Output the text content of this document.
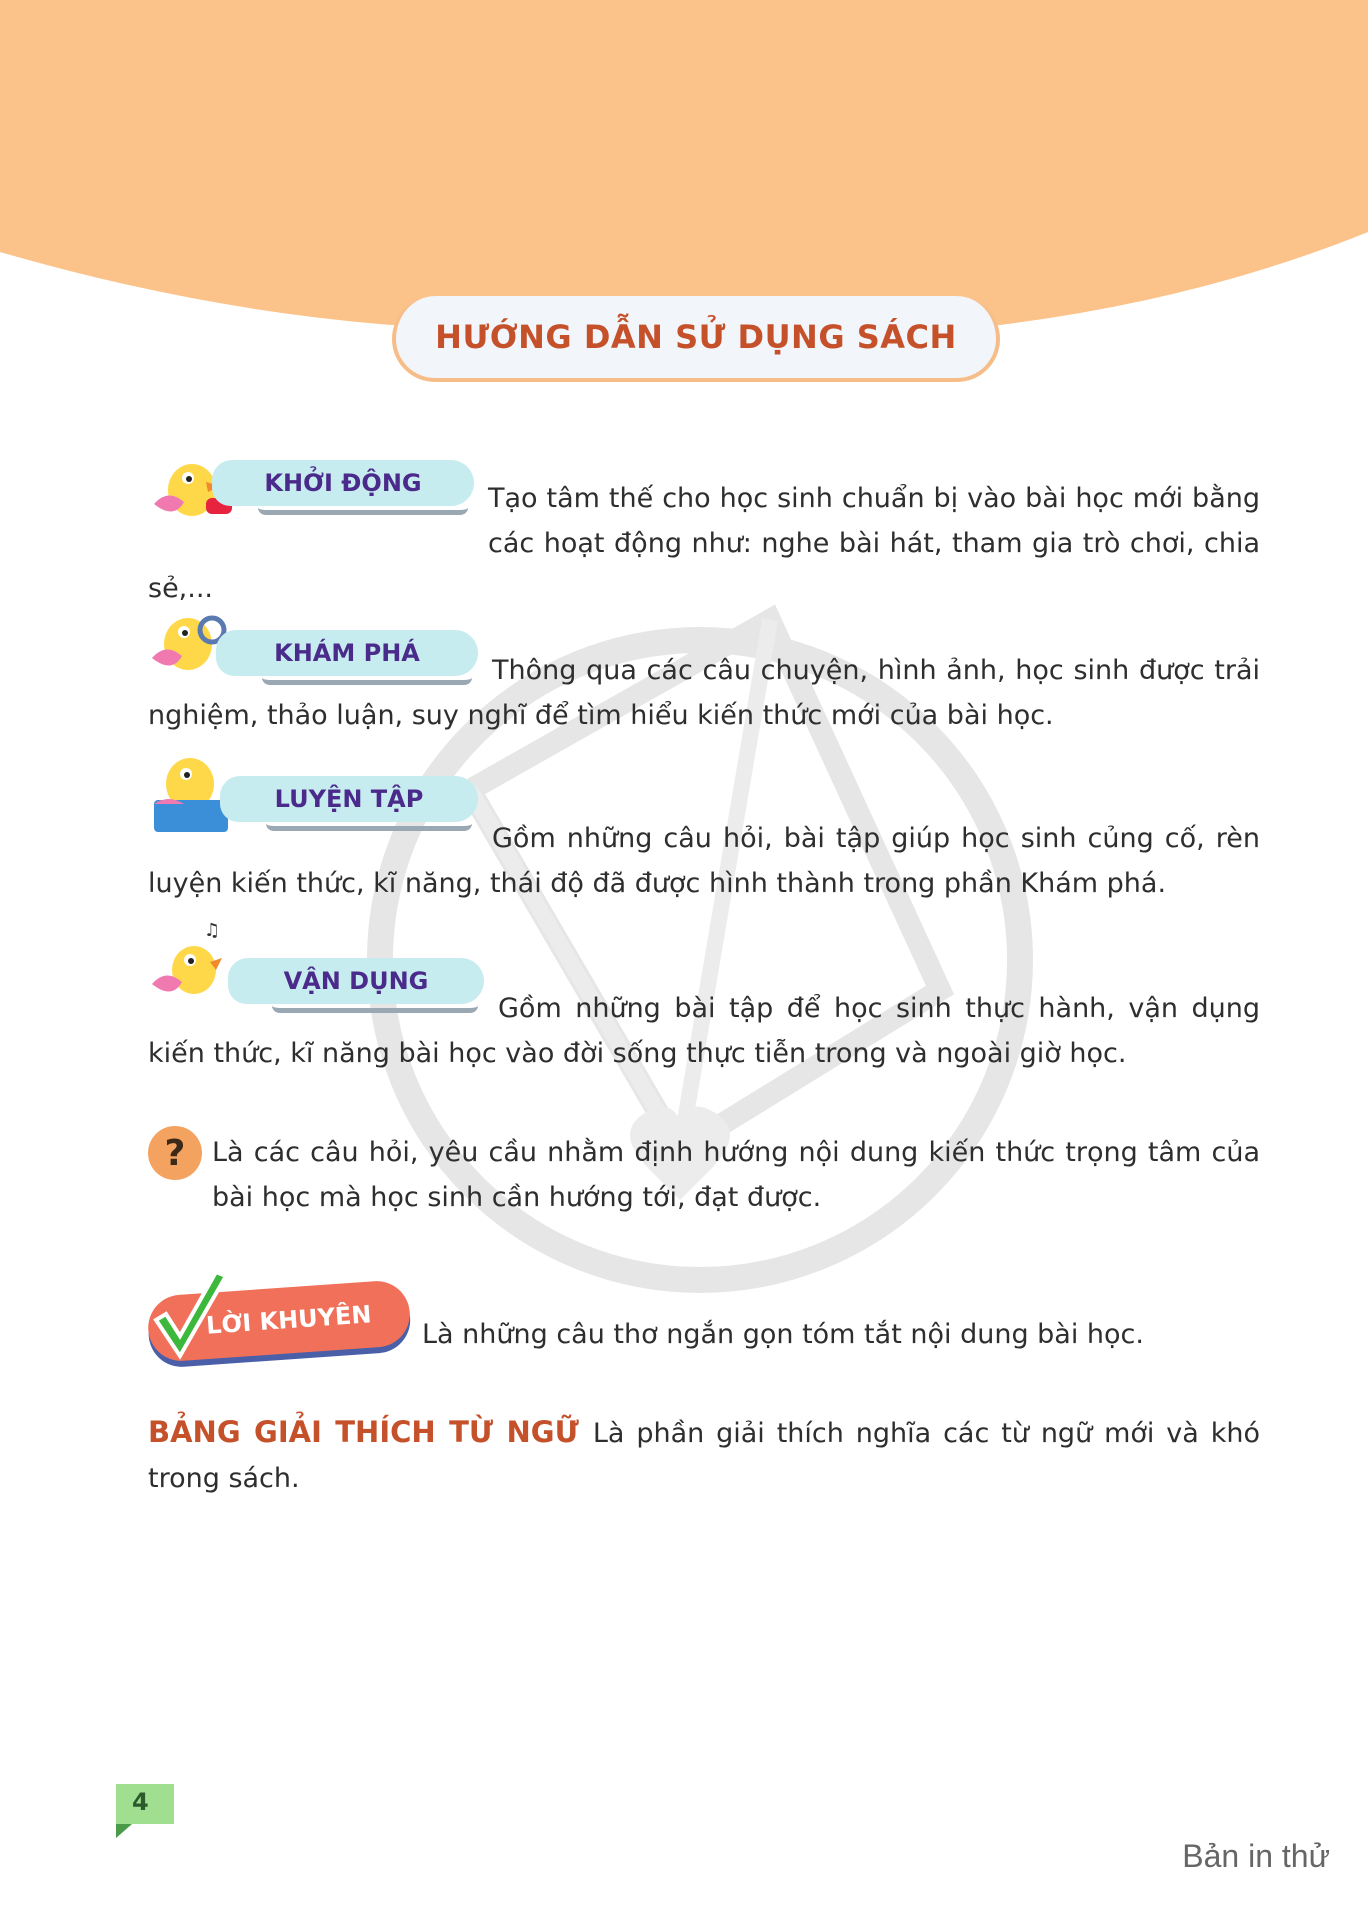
HƯỚNG DẪN SỬ DỤNG SÁCH
KHỞI ĐỘNG	Tạo tâm thế cho học sinh chuẩn bị vào bài học mới bằng các hoạt động như: nghe bài hát, tham gia trò chơi, chia sẻ,...

KHÁM PHÁ

Thông qua các câu chuyện, hình ảnh, học sinh được trải nghiệm, thảo luận, suy nghĩ để tìm hiểu kiến thức mới của bài học.

LUYỆN TẬP

Gồm những câu hỏi, bài tập giúp học sinh củng cố, rèn luyện kiến thức, kĩ năng, thái độ đã được hình thành trong phần Khám phá.

♫
VẬN DỤNG

Gồm những bài tập để học sinh thực hành, vận dụng kiến thức, kĩ năng bài học vào đời sống thực tiễn trong và ngoài giờ học.

? Là các câu hỏi, yêu cầu nhằm định hướng nội dung kiến thức trọng tâm của bài học mà học sinh cần hướng tới, đạt được.

LỜI KHUYÊN	Là những câu thơ ngắn gọn tóm tắt nội dung bài học.

BẢNG GIẢI THÍCH TỪ NGỮ Là phần giải thích nghĩa các từ ngữ mới và khó trong sách.

4
Bản in thử
